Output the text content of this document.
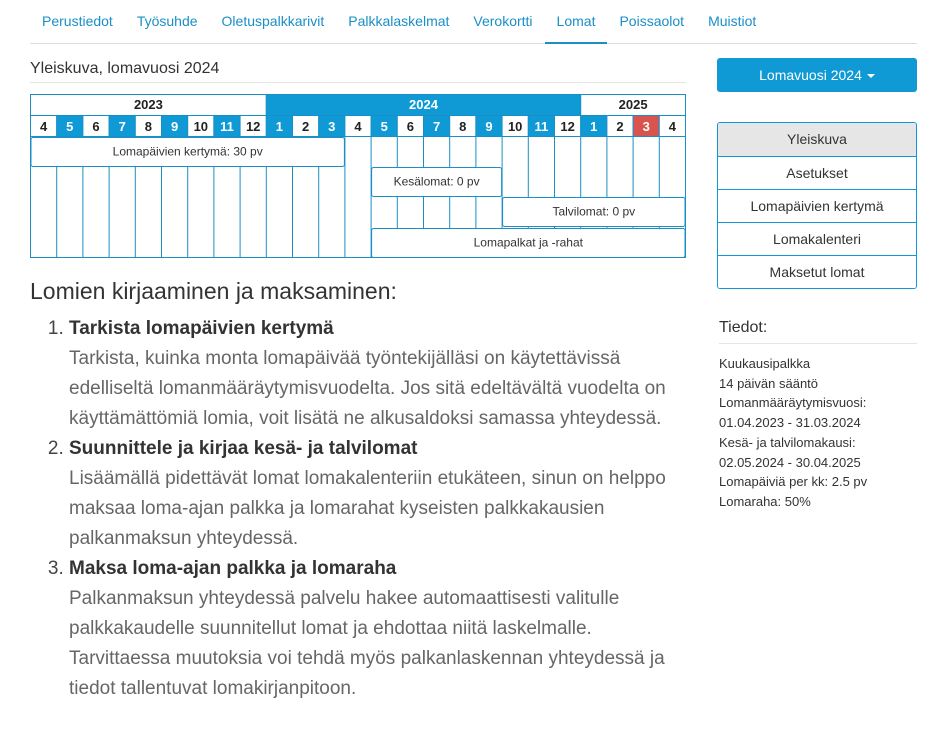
Perustiedot	Työsuhde	Oletuspalkkarivit	Palkkalaskelmat	Verokortti	Lomat	Poissaolot	Muistiot
Yleiskuva, lomavuosi 2024
2023	2024	2025
4 5 6 7 8 9 10 11 12 1 2 3 4 5 6 7 8 9 10 11 12 1 2 3 4
Lomapäivien kertymä: 30 pv
Kesälomat: 0 pv
Talvilomat: 0 pv
Lomapalkat ja -rahat
Lomien kirjaaminen ja maksaminen:
1. Tarkista lomapäivien kertymä
Tarkista, kuinka monta lomapäivää työntekijälläsi on käytettävissä edelliseltä lomanmääräytymisvuodelta. Jos sitä edeltävältä vuodelta on käyttämättömiä lomia, voit lisätä ne alkusaldoksi samassa yhteydessä.
2. Suunnittele ja kirjaa kesä- ja talvilomat
Lisäämällä pidettävät lomat lomakalenteriin etukäteen, sinun on helppo maksaa loma-ajan palkka ja lomarahat kyseisten palkkakausien palkanmaksun yhteydessä.
3. Maksa loma-ajan palkka ja lomaraha
Palkanmaksun yhteydessä palvelu hakee automaattisesti valitulle palkkakaudelle suunnitellut lomat ja ehdottaa niitä laskelmalle. Tarvittaessa muutoksia voi tehdä myös palkanlaskennan yhteydessä ja tiedot tallentuvat lomakirjanpitoon.
Lomavuosi 2024
Yleiskuva
Asetukset
Lomapäivien kertymä
Lomakalenteri
Maksetut lomat
Tiedot:
Kuukausipalkka
14 päivän sääntö
Lomanmääräytymisvuosi:
01.04.2023 - 31.03.2024
Kesä- ja talvilomakausi:
02.05.2024 - 30.04.2025
Lomapäiviä per kk: 2.5 pv
Lomaraha: 50%
